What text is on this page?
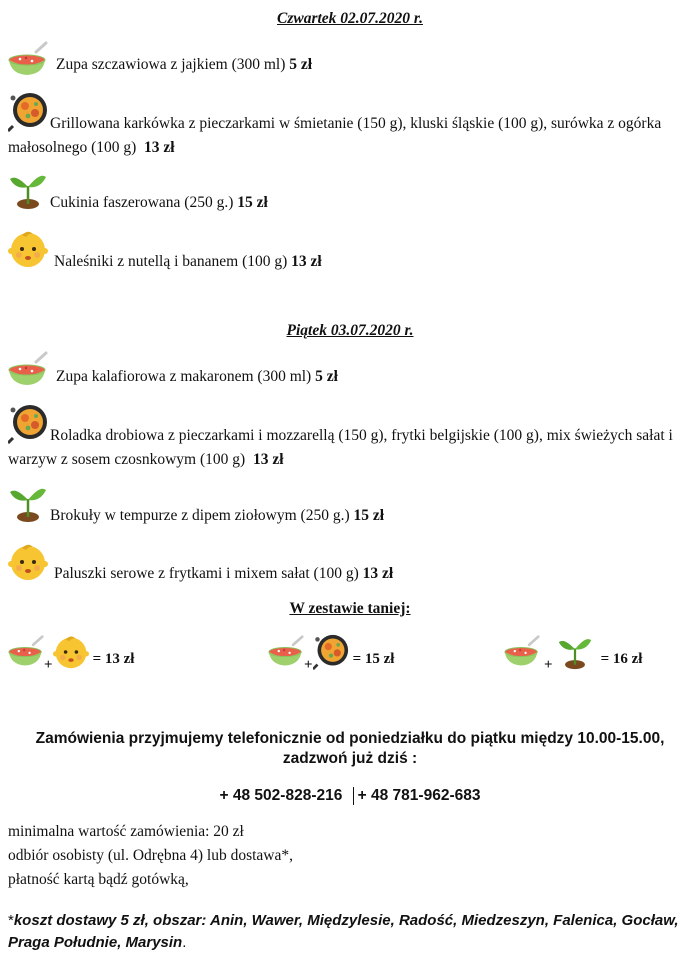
Czwartek 02.07.2020 r.
Zupa szczawiowa z jajkiem (300 ml) 5 zł
Grillowana karkówka z pieczarkami w śmietanie (150 g), kluski śląskie (100 g), surówka z ogórka małosolnego (100 g) 13 zł
Cukinia faszerowana (250 g.) 15 zł
Naleśniki z nutellą i bananem (100 g) 13 zł
Piątek 03.07.2020 r.
Zupa kalafiorowa z makaronem (300 ml) 5 zł
Roladka drobiowa z pieczarkami i mozzarellą (150 g), frytki belgijskie (100 g), mix świeżych sałat i warzyw z sosem czosnkowym (100 g) 13 zł
Brokuły w tempurze z dipem ziołowym (250 g.) 15 zł
Paluszki serowe z frytkami i mixem sałat (100 g) 13 zł
W zestawie taniej:
+	= 13 zł	+	= 15 zł	+	= 16 zł
Zamówienia przyjmujemy telefonicznie od poniedziałku do piątku między 10.00-15.00,
zadzwoń już dziś :
+ 48 502-828-216 + 48 781-962-683
minimalna wartość zamówienia: 20 zł
odbiór osobisty (ul. Odrębna 4) lub dostawa*,
płatność kartą bądź gotówką,
*koszt dostawy 5 zł, obszar: Anin, Wawer, Międzylesie, Radość, Miedzeszyn, Falenica, Gocław, Praga Południe, Marysin.
